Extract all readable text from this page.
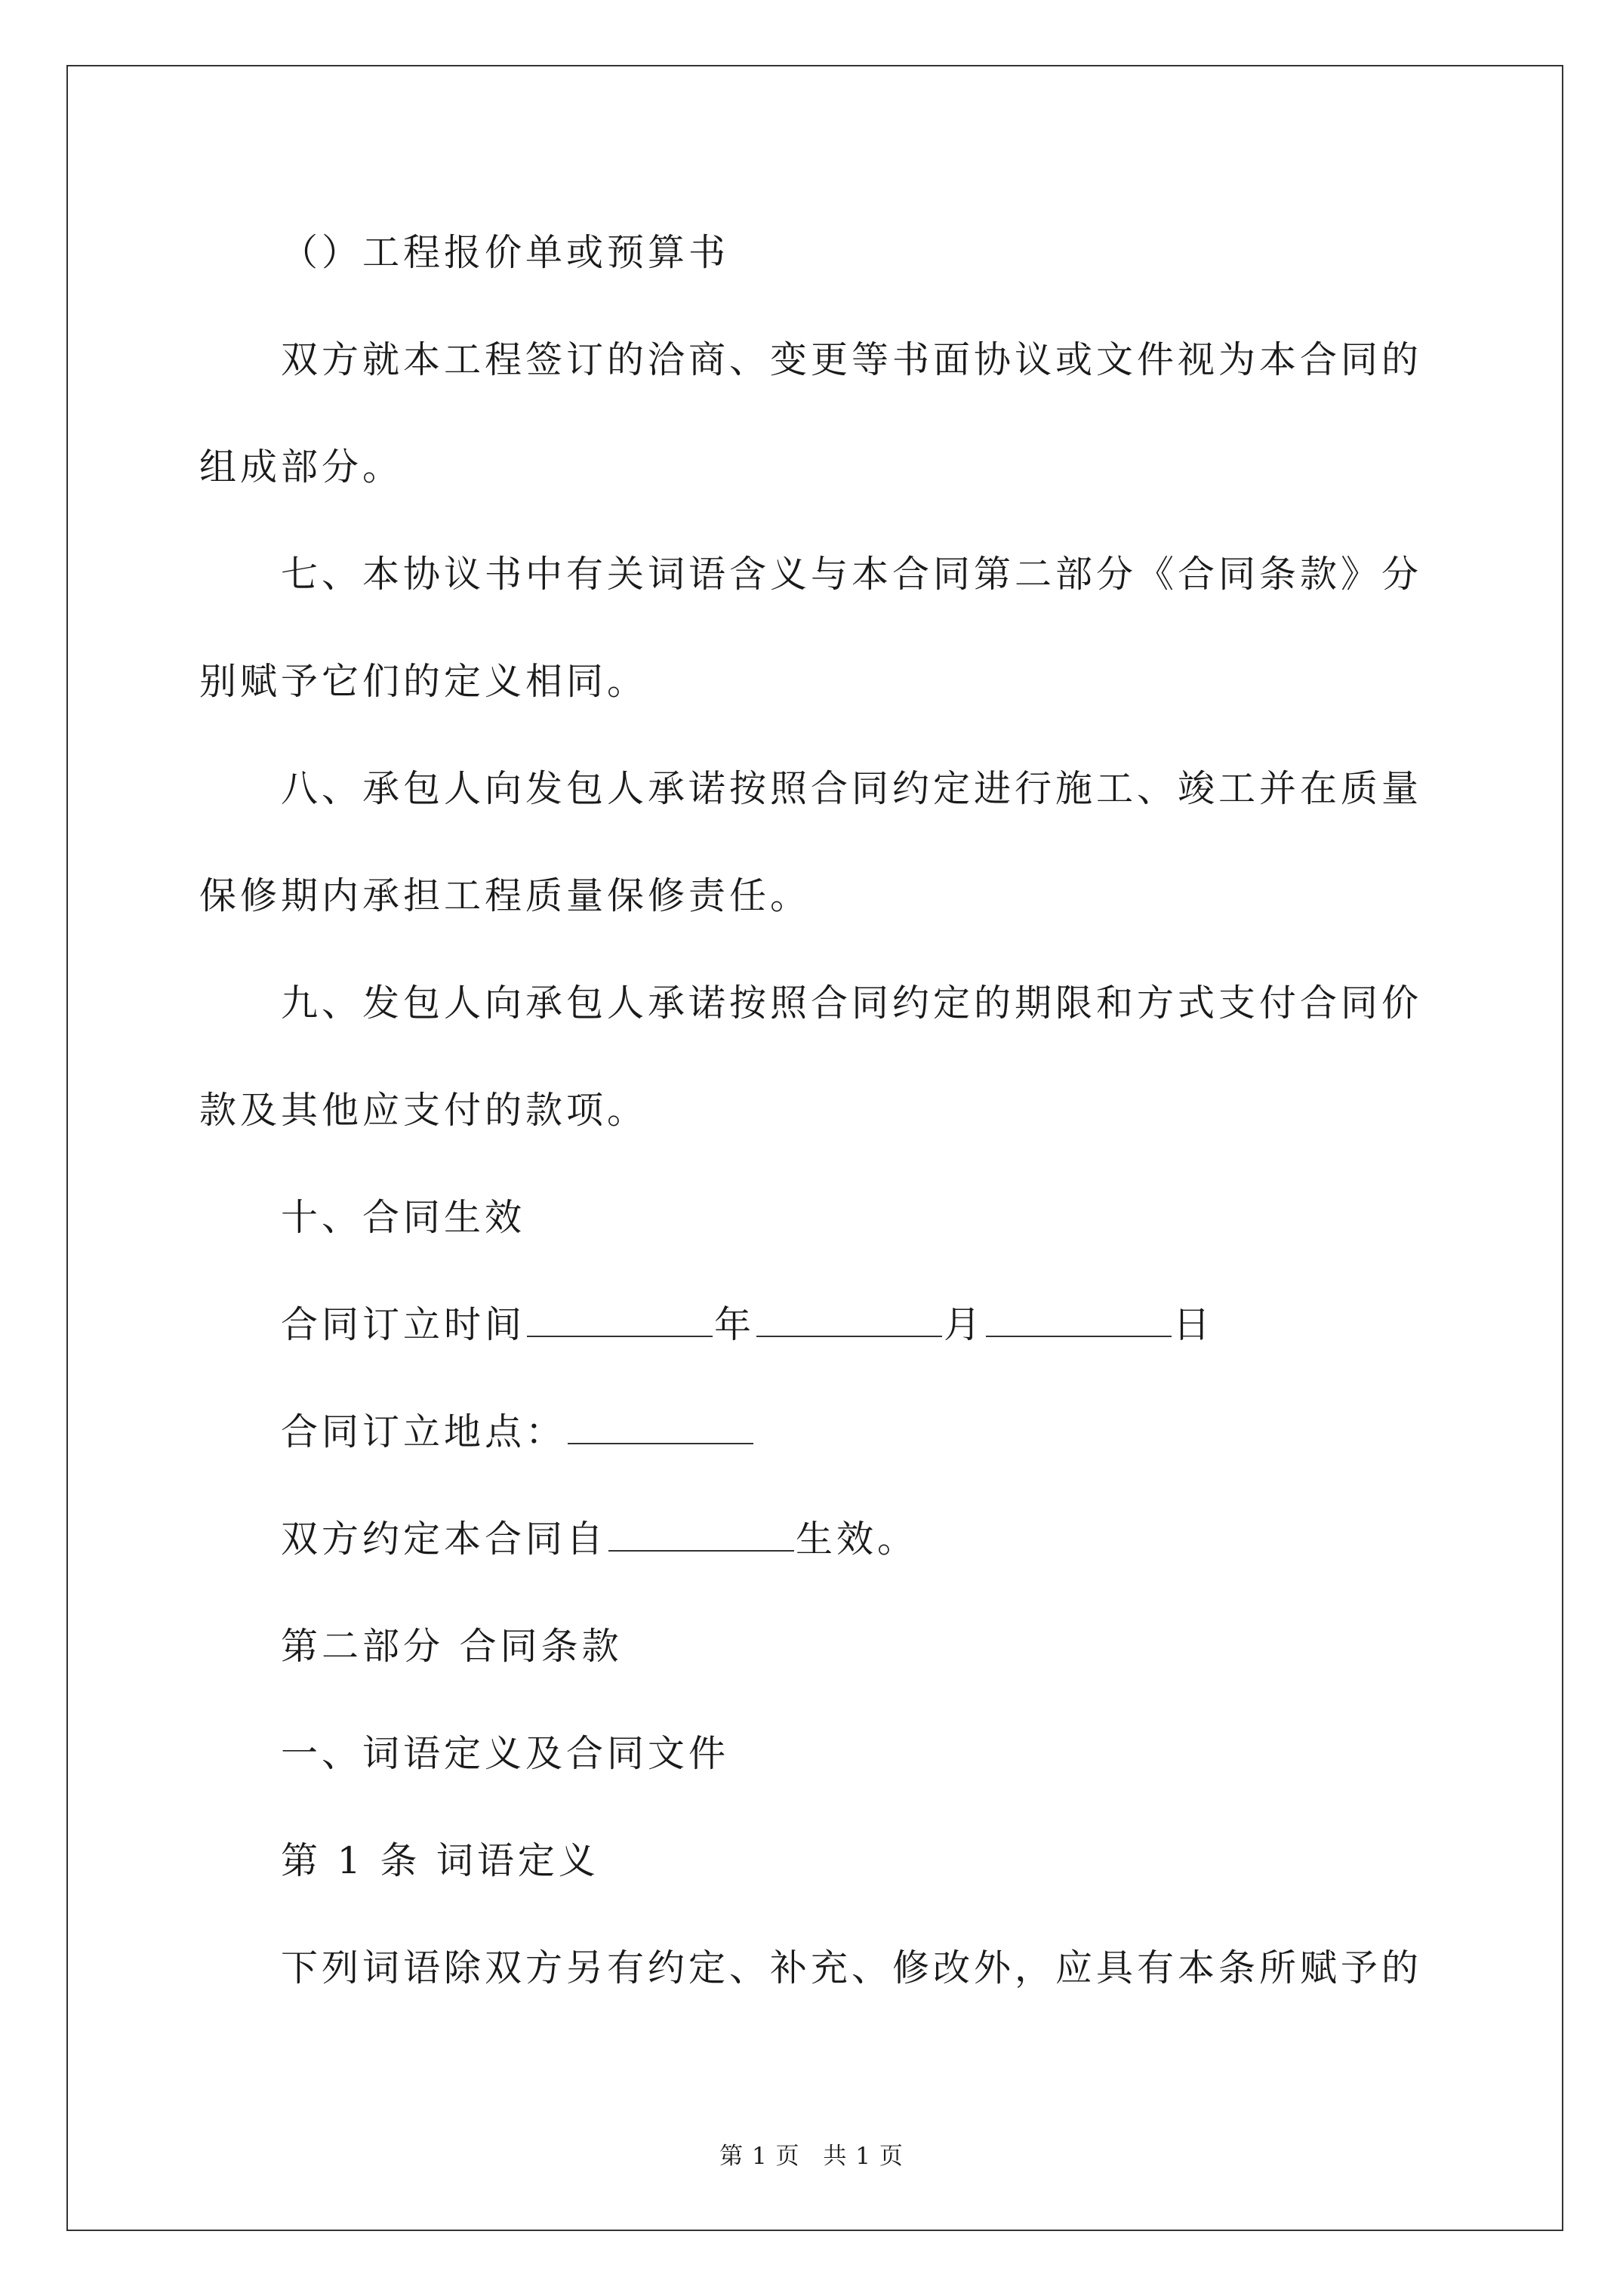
（）工程报价单或预算书
双方就本工程签订的洽商、变更等书面协议或文件视为本合同的
组成部分。
七、本协议书中有关词语含义与本合同第二部分《合同条款》分
别赋予它们的定义相同。
八、承包人向发包人承诺按照合同约定进行施工、竣工并在质量
保修期内承担工程质量保修责任。
九、发包人向承包人承诺按照合同约定的期限和方式支付合同价
款及其他应支付的款项。
十、合同生效
合同订立时间	年	月	日
合同订立地点：
双方约定本合同自	生效。
第二部分 合同条款
一、词语定义及合同文件
第 1 条 词语定义
下列词语除双方另有约定、补充、修改外，应具有本条所赋予的
第 1 页 共 1 页
